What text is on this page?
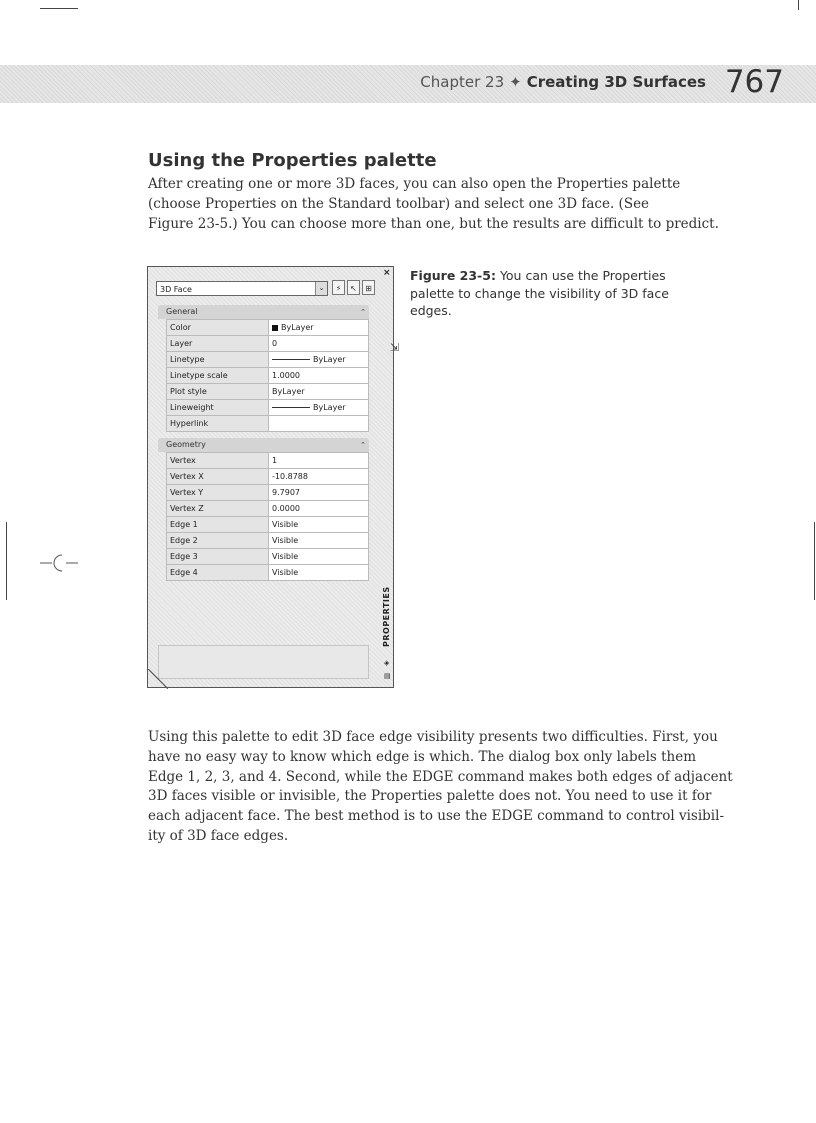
Chapter 23 ✦ Creating 3D Surfaces 767
Using the Properties palette

After creating one or more 3D faces, you can also open the Properties palette
(choose Properties on the Standard toolbar) and select one 3D face. (See
Figure 23-5.) You can choose more than one, but the results are difficult to predict.

×
3D Face	⌄	⚡	↖	⊞
General	⌃
Color	ByLayer
Layer	0
Linetype	ByLayer
Linetype scale	1.0000
Plot style	ByLayer
Lineweight	ByLayer
Hyperlink	
Geometry	⌃
Vertex	1
Vertex X	-10.8788
Vertex Y	9.7907
Vertex Z	0.0000
Edge 1	Visible
Edge 2	Visible
Edge 3	Visible
Edge 4	Visible
⇲
PROPERTIES
◈
▤

Figure 23-5: You can use the Properties palette to change the visibility of 3D face edges.

Using this palette to edit 3D face edge visibility presents two difficulties. First, you
have no easy way to know which edge is which. The dialog box only labels them
Edge 1, 2, 3, and 4. Second, while the EDGE command makes both edges of adjacent
3D faces visible or invisible, the Properties palette does not. You need to use it for
each adjacent face. The best method is to use the EDGE command to control visibil-
ity of 3D face edges.
